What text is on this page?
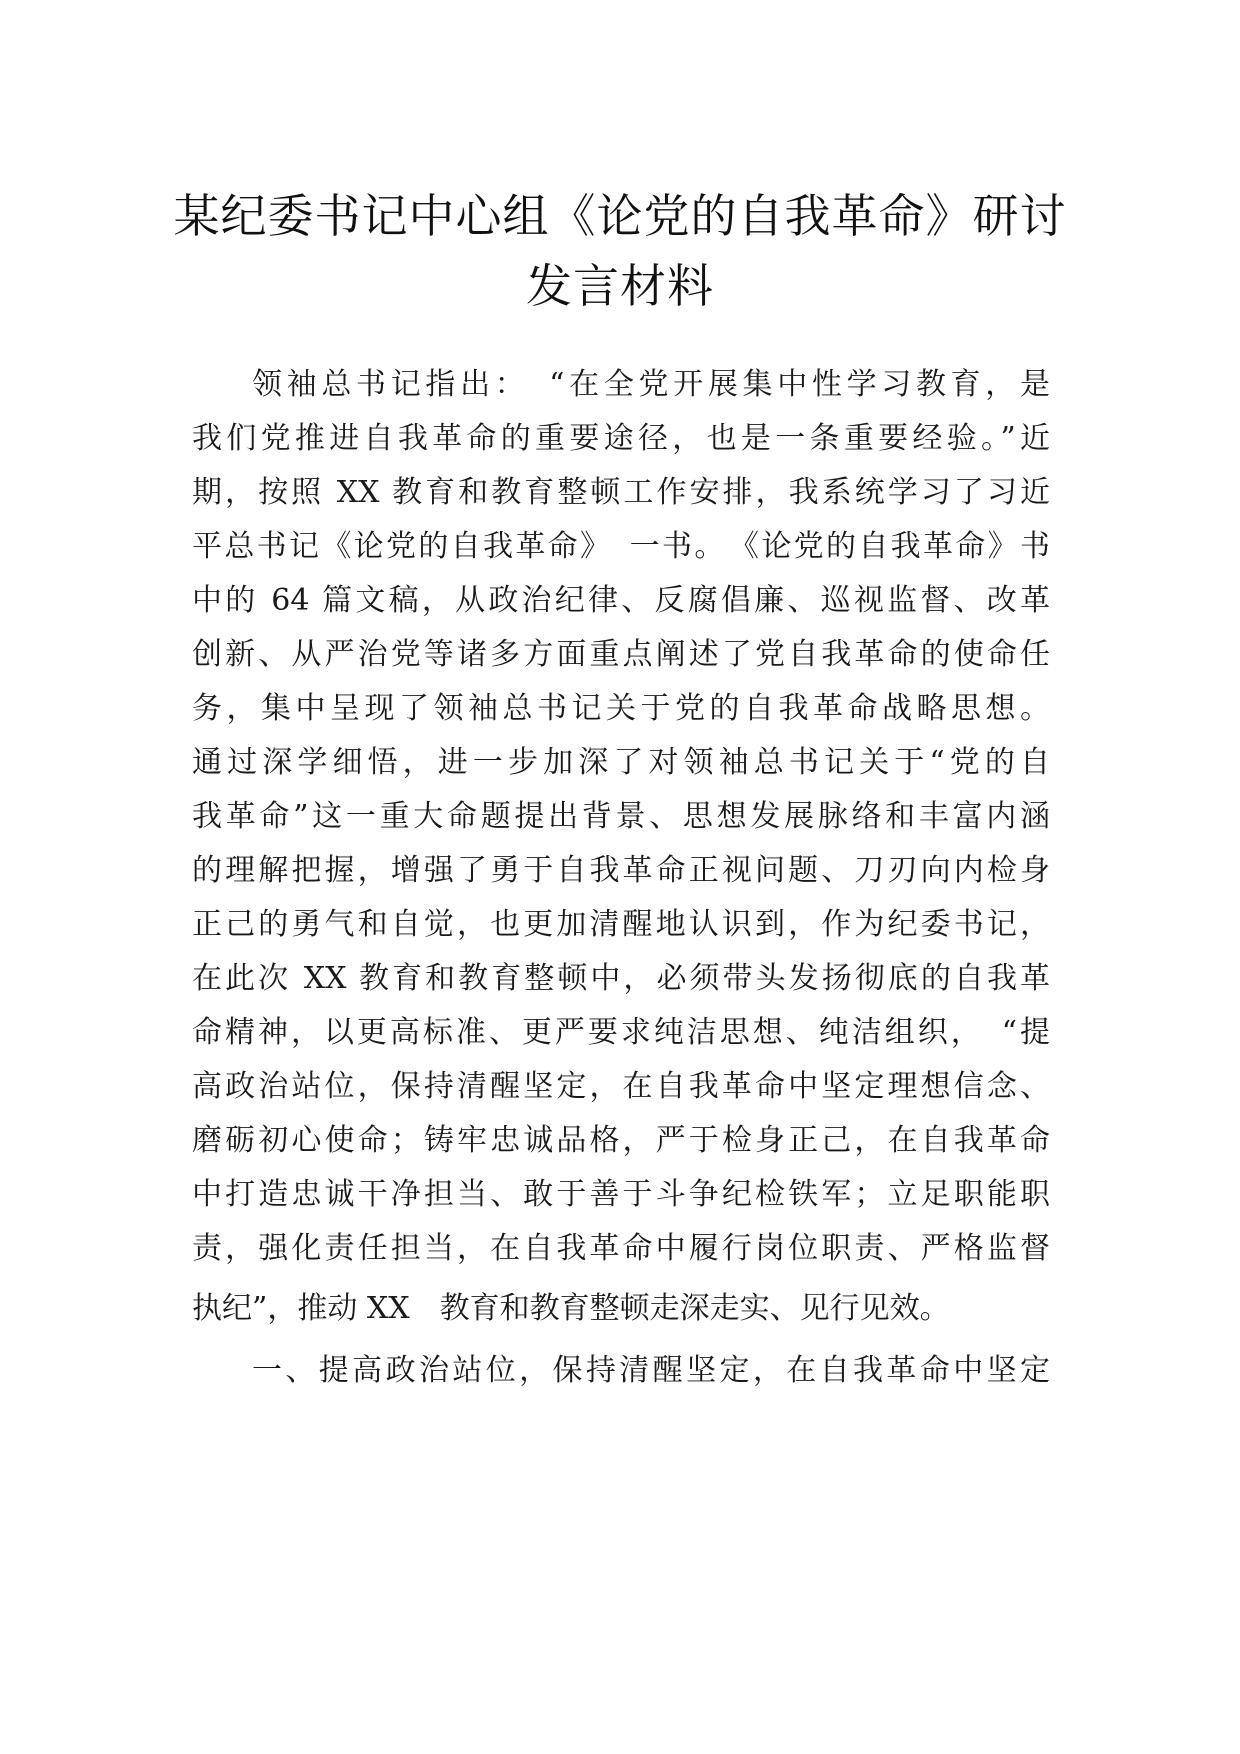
某纪委书记中心组《论党的自我革命》研讨
发言材料
领袖总书记指出：　“在全党开展集中性学习教育，是
我们党推进自我革命的重要途径，也是一条重要经验。”近
期，按照 XX 教育和教育整顿工作安排，我系统学习了习近
平总书记《论党的自我革命》　一书。　《论党的自我革命》书
中的 64 篇文稿，从政治纪律、反腐倡廉、巡视监督、改革
创新、从严治党等诸多方面重点阐述了党自我革命的使命任
务，集中呈现了领袖总书记关于党的自我革命战略思想。
通过深学细悟，进一步加深了对领袖总书记关于“党的自
我革命”这一重大命题提出背景、思想发展脉络和丰富内涵
的理解把握，增强了勇于自我革命正视问题、刀刃向内检身
正己的勇气和自觉，也更加清醒地认识到，作为纪委书记，
在此次 XX 教育和教育整顿中，必须带头发扬彻底的自我革
命精神，以更高标准、更严要求纯洁思想、纯洁组织，　“提
高政治站位，保持清醒坚定，在自我革命中坚定理想信念、
磨砺初心使命；铸牢忠诚品格，严于检身正己，在自我革命
中打造忠诚干净担当、敢于善于斗争纪检铁军；立足职能职
责，强化责任担当，在自我革命中履行岗位职责、严格监督
执纪”，推动 XX　教育和教育整顿走深走实、见行见效。
一、提高政治站位，保持清醒坚定，在自我革命中坚定
